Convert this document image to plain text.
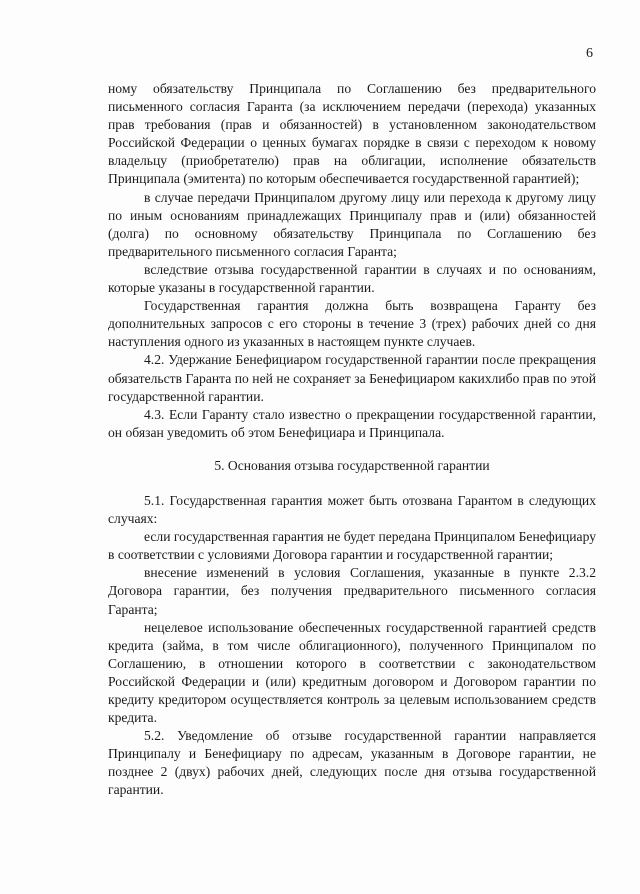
6

ному обязательству Принципала по Соглашению без предварительного письменного согласия Гаранта (за исключением передачи (перехода) указанных прав требования (прав и обязанностей) в установленном законодательством Российской Федерации о ценных бумагах порядке в связи с переходом к новому владельцу (приобретателю) прав на облигации, исполнение обязательств Принципала (эмитента) по которым обеспечивается государственной гарантией);

в случае передачи Принципалом другому лицу или перехода к другому лицу по иным основаниям принадлежащих Принципалу прав и (или) обязанностей (долга) по основному обязательству Принципала по Соглашению без предварительного письменного согласия Гаранта;

вследствие отзыва государственной гарантии в случаях и по основаниям, которые указаны в государственной гарантии.

Государственная гарантия должна быть возвращена Гаранту без дополнительных запросов с его стороны в течение 3 (трех) рабочих дней со дня наступления одного из указанных в настоящем пункте случаев.

4.2. Удержание Бенефициаром государственной гарантии после прекращения обязательств Гаранта по ней не сохраняет за Бенефициаром какихлибо прав по этой государственной гарантии.

4.3. Если Гаранту стало известно о прекращении государственной гарантии, он обязан уведомить об этом Бенефициара и Принципала.

5. Основания отзыва государственной гарантии

5.1. Государственная гарантия может быть отозвана Гарантом в следующих случаях:

если государственная гарантия не будет передана Принципалом Бенефициару в соответствии с условиями Договора гарантии и государственной гарантии;

внесение изменений в условия Соглашения, указанные в пункте 2.3.2 Договора гарантии, без получения предварительного письменного согласия Гаранта;

нецелевое использование обеспеченных государственной гарантией средств кредита (займа, в том числе облигационного), полученного Принципалом по Соглашению, в отношении которого в соответствии с законодательством Российской Федерации и (или) кредитным договором и Договором гарантии по кредиту кредитором осуществляется контроль за целевым использованием средств кредита.

5.2. Уведомление об отзыве государственной гарантии направляется Принципалу и Бенефициару по адресам, указанным в Договоре гарантии, не позднее 2 (двух) рабочих дней, следующих после дня отзыва государственной гарантии.
